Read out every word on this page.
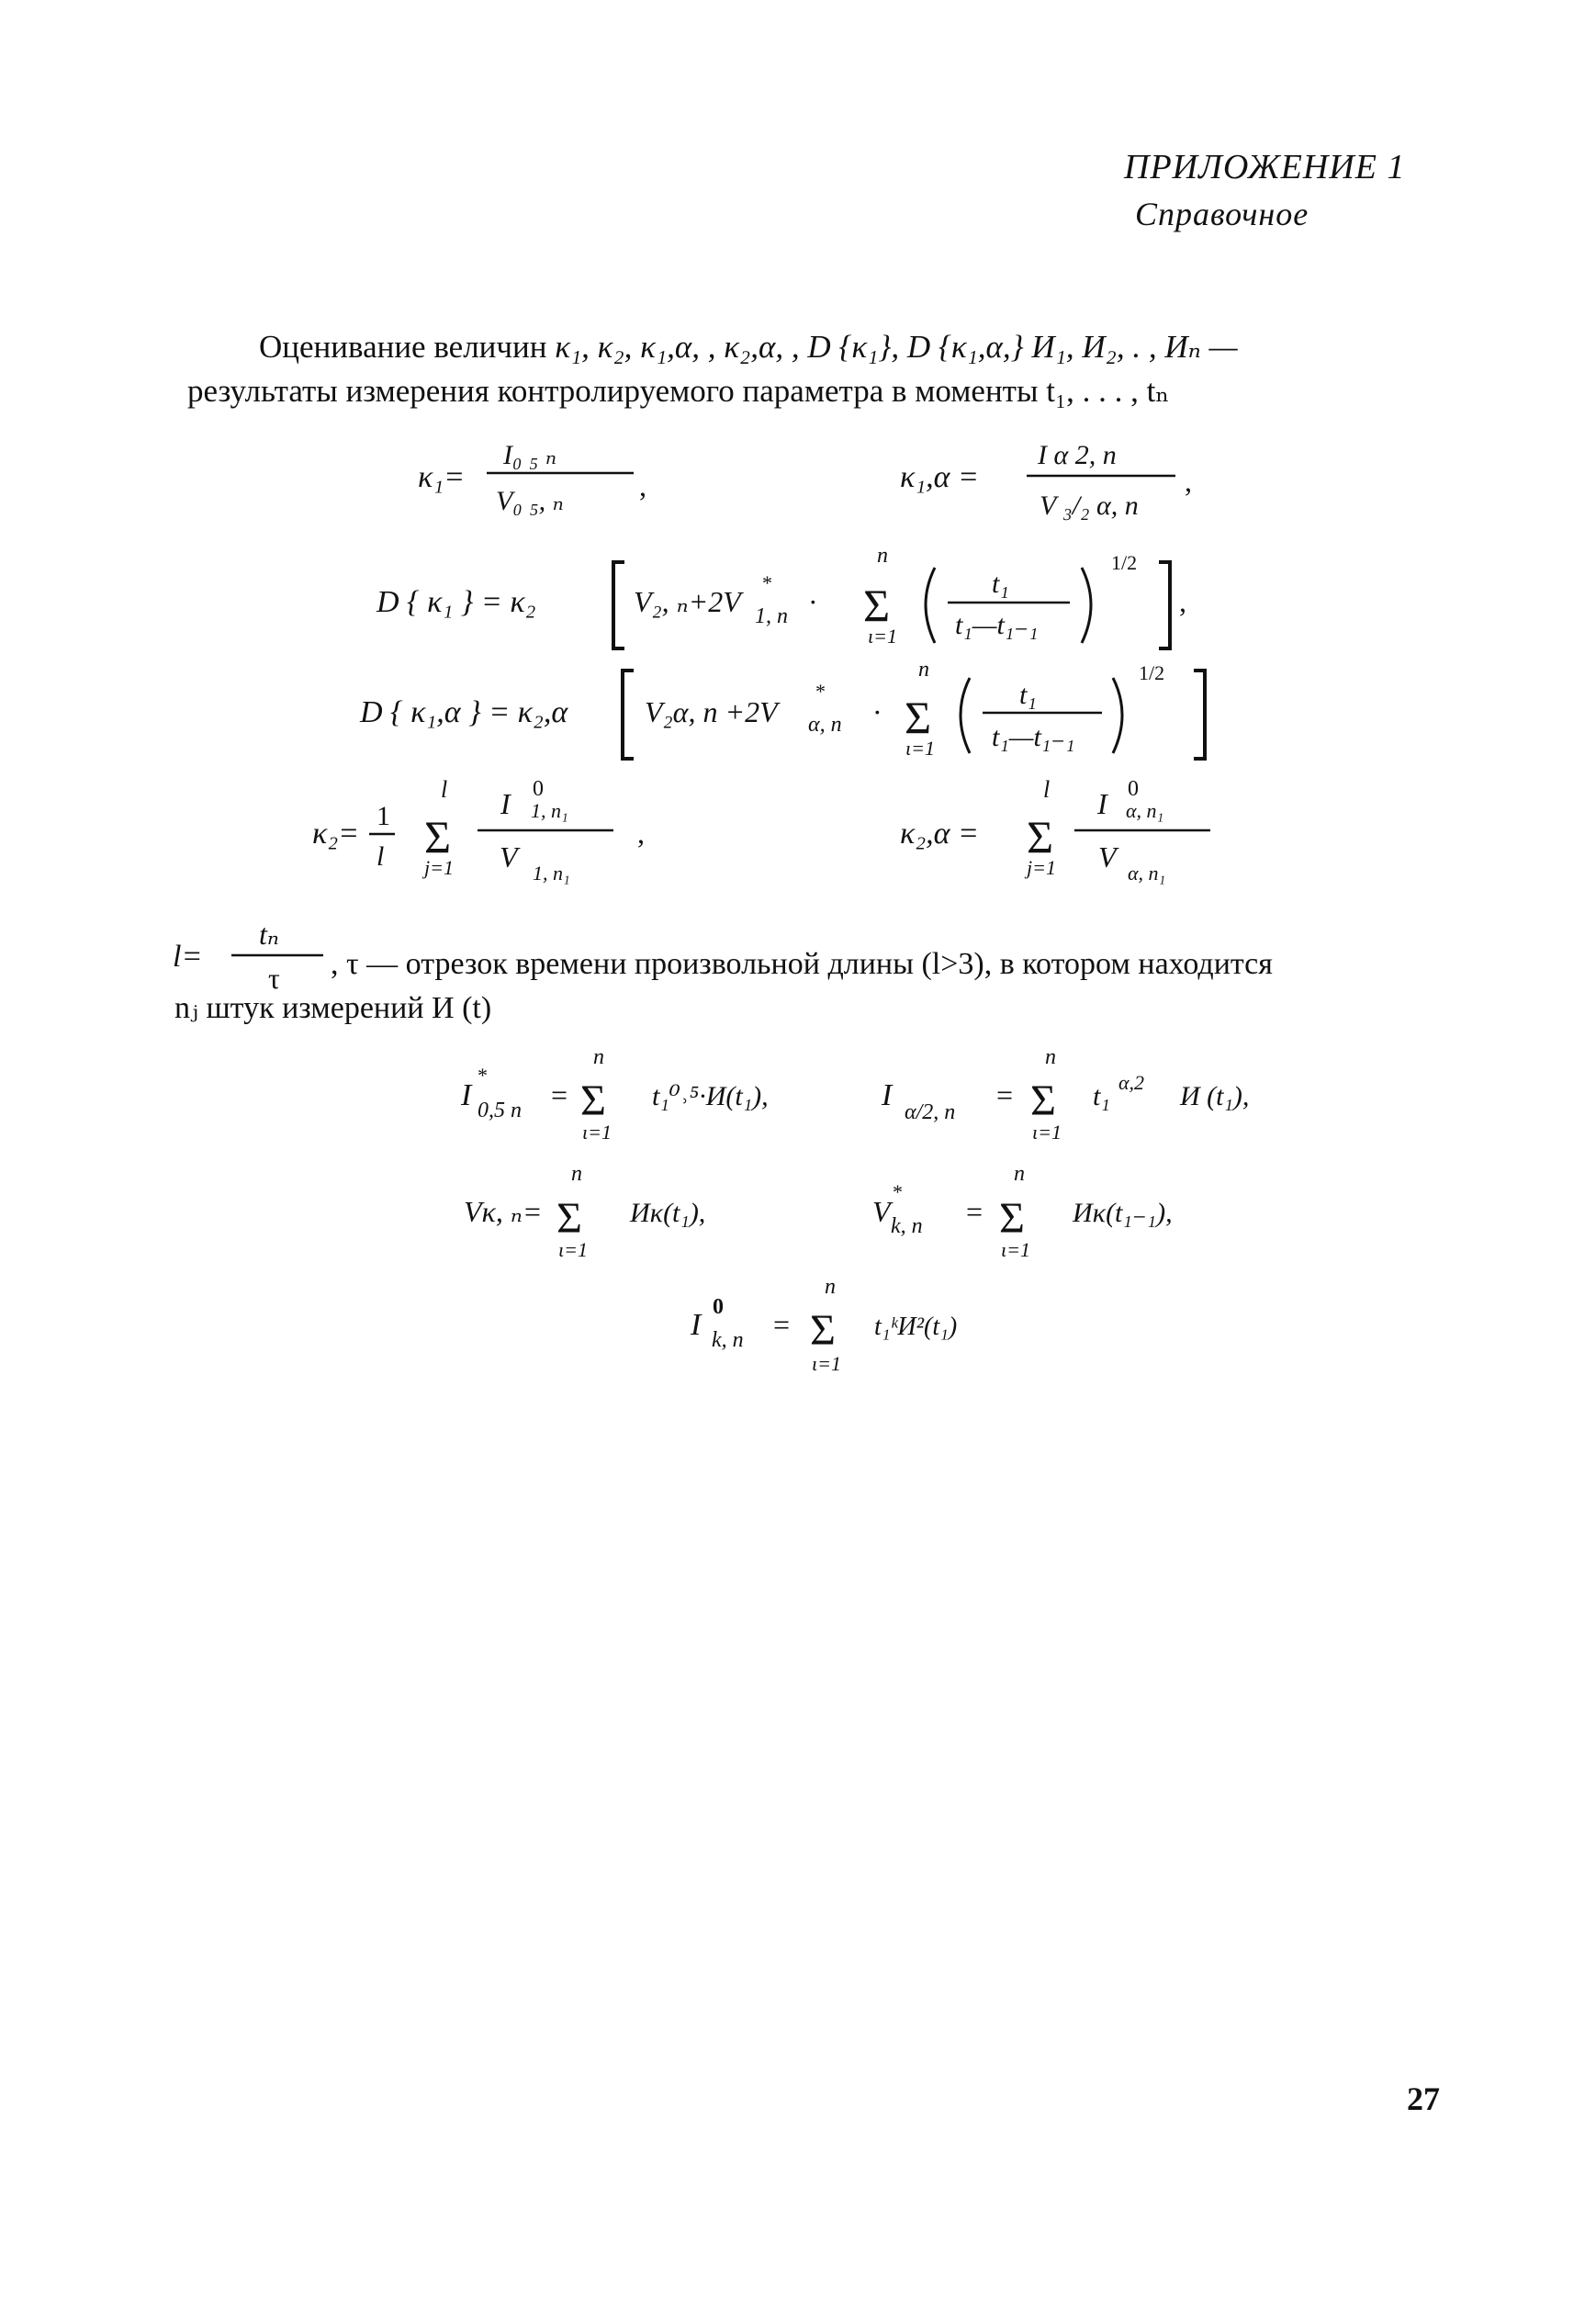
ПРИЛОЖЕНИЕ 1
Справочное
Оценивание величин κ₁, κ₂, κ₁,α, , κ₂,α, , D {κ₁}, D {κ₁,α,} И₁, И₂, . , Иₙ —
результаты измерения контролируемого параметра в моменты t₁, . . . , tₙ
κ₁=
I₀ ₅ ₙ
V₀ ₅, ₙ	,	κ₁,α =
I α 2, n
V ₃/₂ α, n
,
D { κ₁ } = κ₂	V₂, ₙ+2V
*
1, n ·
n
Σ
ι=1
t₁
t₁—t₁₋₁
1/2
,
D { κ₁,α } = κ₂,α	V₂α, n +2V
*
α, n ·
n
Σ
ι=1
t₁
t₁—t₁₋₁
1/2
κ₂=
1
l
l
Σ
j=1
I 0
1, n₁
V 1, n₁
,	κ₂,α =
l
Σ
j=1
I 0
α, n₁
V α, n₁
l=
tₙ
τ
I
*
0,5 n =
n
Σ
ι=1
t₁⁰˒⁵·И(t₁),	I α/2, n
=
n
Σ
ι=1
t₁ α,2 И (t₁),
Vκ, ₙ=
n
Σ
ι=1
Иκ(t₁),	V
*
k, n =
n
Σ
ι=1
Иκ(t₁₋₁),
I
0
k, n =
n
Σ
ι=1
t₁ᵏИ²(t₁)
, τ — отрезок времени произвольной длины (l>3), в котором находится
nⱼ штук измерений И (t)
27
